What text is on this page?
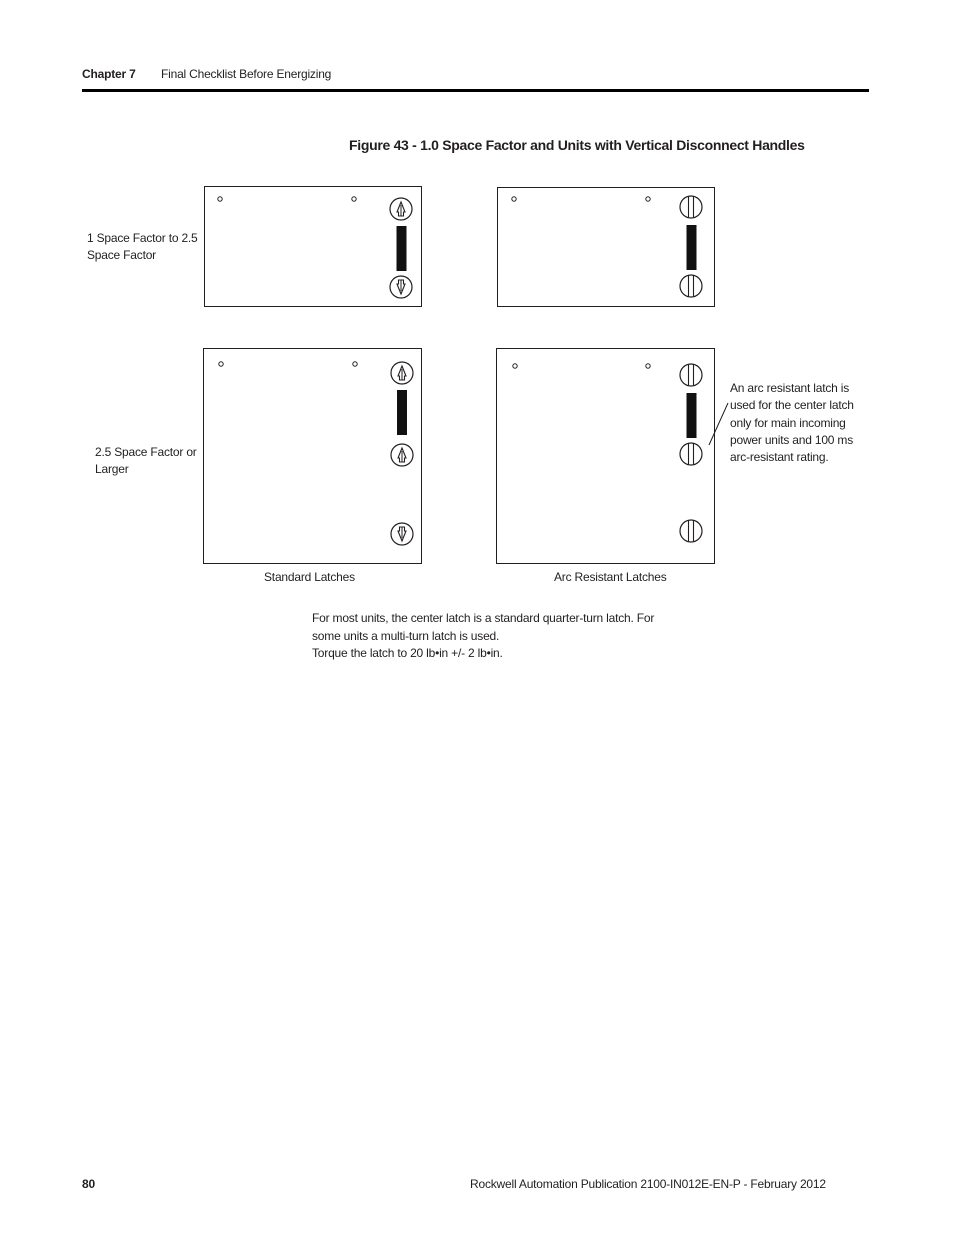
Chapter 7 Final Checklist Before Energizing
Figure 43 - 1.0 Space Factor and Units with Vertical Disconnect Handles
1 Space Factor to 2.5
Space Factor
2.5 Space Factor or
Larger
Standard Latches	Arc Resistant Latches
An arc resistant latch is
used for the center latch
only for main incoming
power units and 100 ms
arc-resistant rating.
For most units, the center latch is a standard quarter-turn latch. For
some units a multi-turn latch is used.
Torque the latch to 20 lb•in +/- 2 lb•in.
80	Rockwell Automation Publication 2100-IN012E-EN-P - February 2012
